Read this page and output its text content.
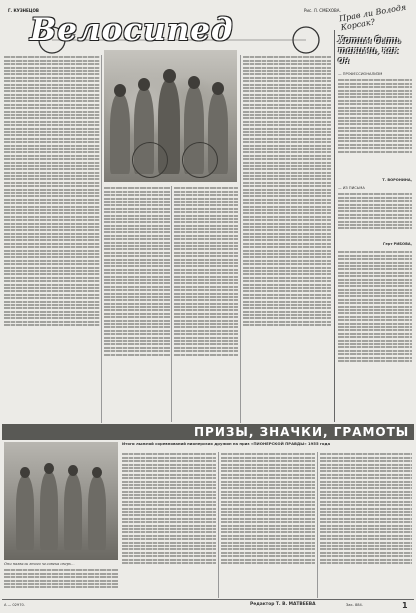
Г. КУЗНЕЦОВ	Рис. Л. СМЕХОВА.
Велосипед	Прав ли Володя Корсак?
Хотим быть такими, как он
— ПРОФЕССИОНАЛИЗМ
Т. ВОРОНИНА,
— ИЗ ПИСЬМА
Герт РИБОВА,
ПРИЗЫ, ЗНАЧКИ, ГРАМОТЫ
Они назвали этого человека сверх…
Итоги лыжной соревнований пионерских дружин на приз «ПИОНЕРСКОЙ ПРАВДЫ» 1955 года
А — 02970.	Редактор Т. В. МАТВЕЕВА	Зак. 884.	1
